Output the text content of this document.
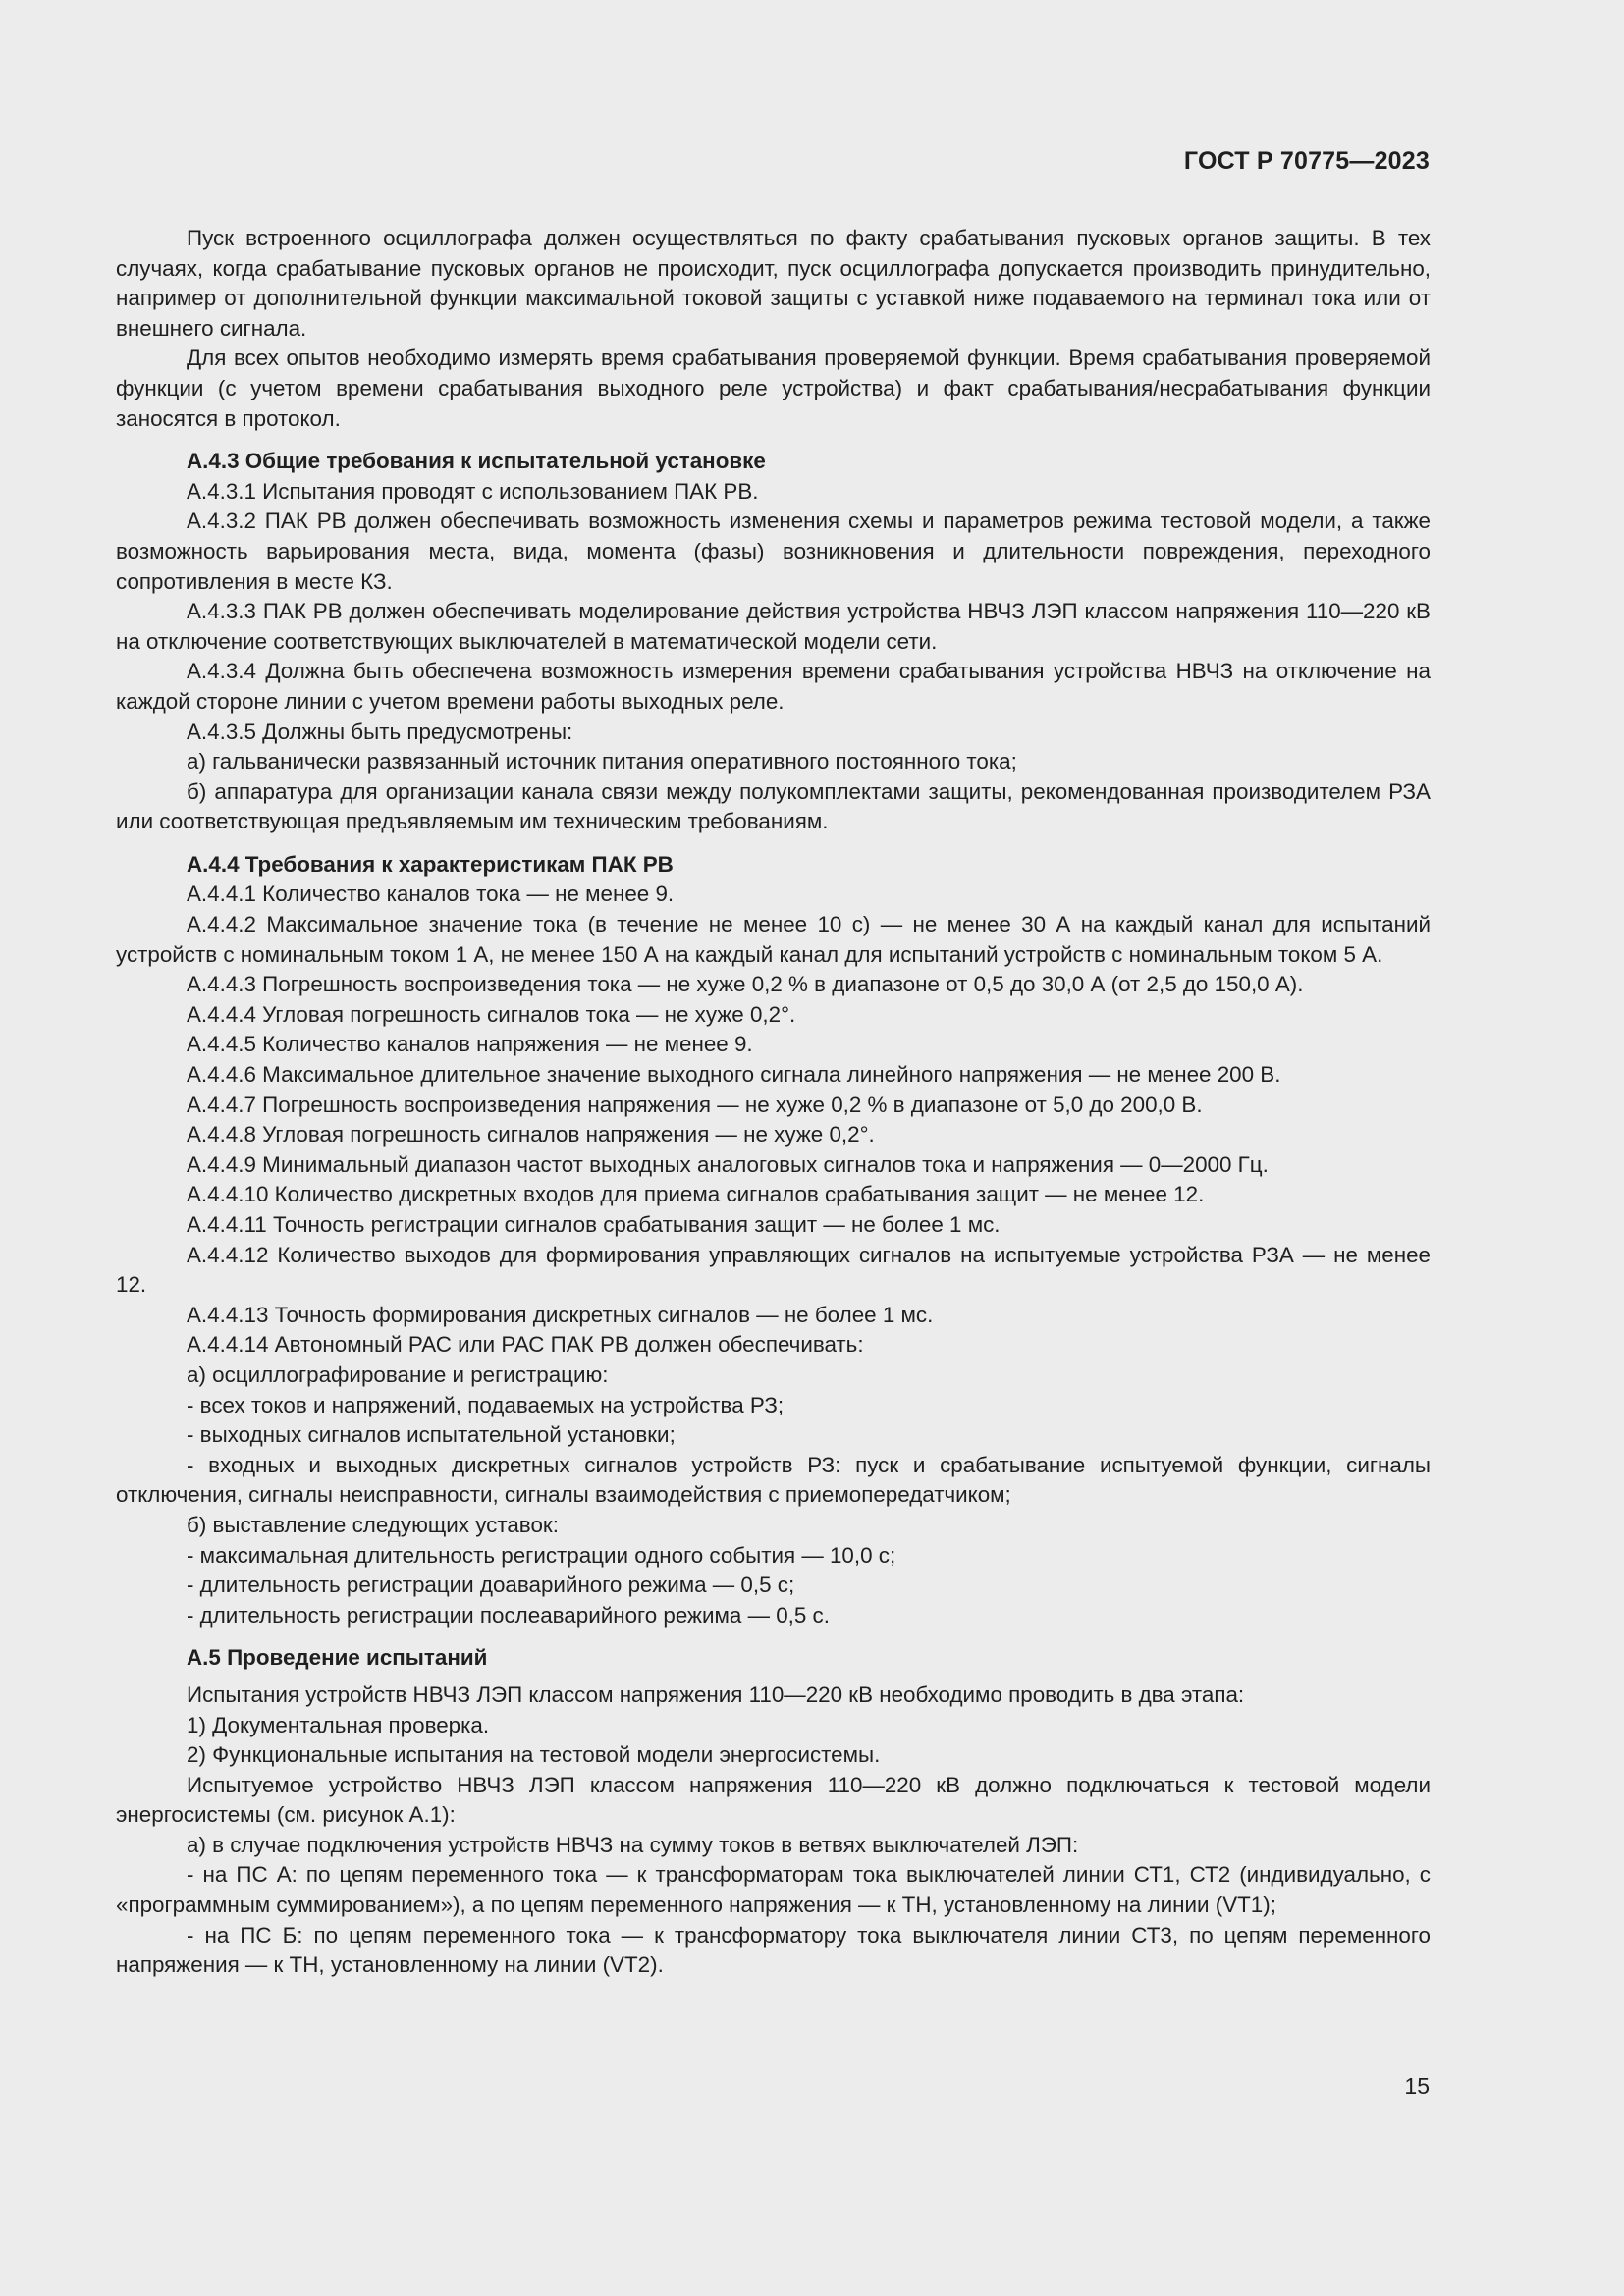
ГОСТ Р 70775—2023

Пуск встроенного осциллографа должен осуществляться по факту срабатывания пусковых органов защиты. В тех случаях, когда срабатывание пусковых органов не происходит, пуск осциллографа допускается производить принудительно, например от дополнительной функции максимальной токовой защиты с уставкой ниже подаваемого на терминал тока или от внешнего сигнала.

Для всех опытов необходимо измерять время срабатывания проверяемой функции. Время срабатывания проверяемой функции (с учетом времени срабатывания выходного реле устройства) и факт срабатывания/несрабатывания функции заносятся в протокол.

А.4.3 Общие требования к испытательной установке

А.4.3.1 Испытания проводят с использованием ПАК РВ.

А.4.3.2 ПАК РВ должен обеспечивать возможность изменения схемы и параметров режима тестовой модели, а также возможность варьирования места, вида, момента (фазы) возникновения и длительности повреждения, переходного сопротивления в месте КЗ.

А.4.3.3 ПАК РВ должен обеспечивать моделирование действия устройства НВЧЗ ЛЭП классом напряжения 110—220 кВ на отключение соответствующих выключателей в математической модели сети.

А.4.3.4 Должна быть обеспечена возможность измерения времени срабатывания устройства НВЧЗ на отключение на каждой стороне линии с учетом времени работы выходных реле.

А.4.3.5 Должны быть предусмотрены:

а) гальванически развязанный источник питания оперативного постоянного тока;

б) аппаратура для организации канала связи между полукомплектами защиты, рекомендованная производителем РЗА или соответствующая предъявляемым им техническим требованиям.

А.4.4 Требования к характеристикам ПАК РВ

А.4.4.1 Количество каналов тока — не менее 9.

А.4.4.2 Максимальное значение тока (в течение не менее 10 с) — не менее 30 А на каждый канал для испытаний устройств с номинальным током 1 А, не менее 150 А на каждый канал для испытаний устройств с номинальным током 5 А.

А.4.4.3 Погрешность воспроизведения тока — не хуже 0,2 % в диапазоне от 0,5 до 30,0 А (от 2,5 до 150,0 А).

А.4.4.4 Угловая погрешность сигналов тока — не хуже 0,2°.

А.4.4.5 Количество каналов напряжения — не менее 9.

А.4.4.6 Максимальное длительное значение выходного сигнала линейного напряжения — не менее 200 В.

А.4.4.7 Погрешность воспроизведения напряжения — не хуже 0,2 % в диапазоне от 5,0 до 200,0 В.

А.4.4.8 Угловая погрешность сигналов напряжения — не хуже 0,2°.

А.4.4.9 Минимальный диапазон частот выходных аналоговых сигналов тока и напряжения — 0—2000 Гц.

А.4.4.10 Количество дискретных входов для приема сигналов срабатывания защит — не менее 12.

А.4.4.11 Точность регистрации сигналов срабатывания защит — не более 1 мс.

А.4.4.12 Количество выходов для формирования управляющих сигналов на испытуемые устройства РЗА — не менее 12.

А.4.4.13 Точность формирования дискретных сигналов — не более 1 мс.

А.4.4.14 Автономный РАС или РАС ПАК РВ должен обеспечивать:

а) осциллографирование и регистрацию:

- всех токов и напряжений, подаваемых на устройства РЗ;

- выходных сигналов испытательной установки;

- входных и выходных дискретных сигналов устройств РЗ: пуск и срабатывание испытуемой функции, сигналы отключения, сигналы неисправности, сигналы взаимодействия с приемопередатчиком;

б) выставление следующих уставок:

- максимальная длительность регистрации одного события — 10,0 с;

- длительность регистрации доаварийного режима — 0,5 с;

- длительность регистрации послеаварийного режима — 0,5 с.

А.5 Проведение испытаний

Испытания устройств НВЧЗ ЛЭП классом напряжения 110—220 кВ необходимо проводить в два этапа:

1) Документальная проверка.

2) Функциональные испытания на тестовой модели энергосистемы.

Испытуемое устройство НВЧЗ ЛЭП классом напряжения 110—220 кВ должно подключаться к тестовой модели энергосистемы (см. рисунок А.1):

а) в случае подключения устройств НВЧЗ на сумму токов в ветвях выключателей ЛЭП:

- на ПС А: по цепям переменного тока — к трансформаторам тока выключателей линии СТ1, СТ2 (индивидуально, с «программным суммированием»), а по цепям переменного напряжения — к ТН, установленному на линии (VT1);

- на ПС Б: по цепям переменного тока — к трансформатору тока выключателя линии СТ3, по цепям переменного напряжения — к ТН, установленному на линии (VT2).

15
